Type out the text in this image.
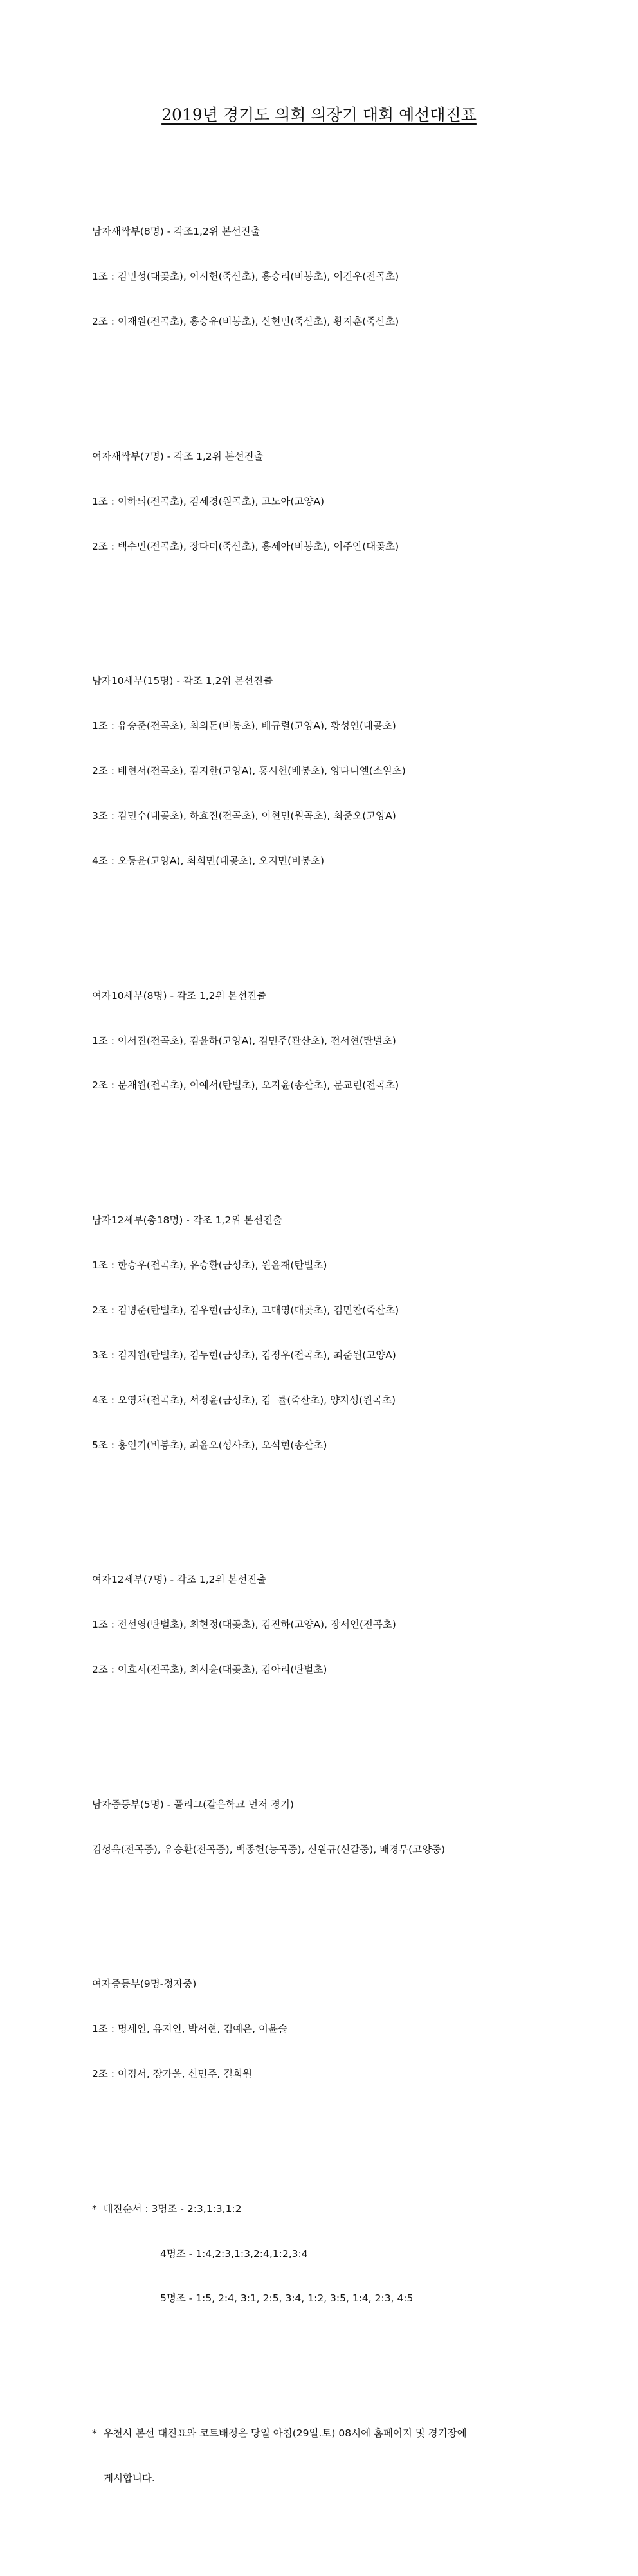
2019년 경기도 의회 의장기 대회 예선대진표

남자새싹부(8명) - 각조1,2위 본선진출

1조 : 김민성(대곶초), 이시헌(죽산초), 홍승리(비봉초), 이건우(전곡초)

2조 : 이재원(전곡초), 홍승유(비봉초), 신현민(죽산초), 황지훈(죽산초)

여자새싹부(7명) - 각조 1,2위 본선진출

1조 : 이하늬(전곡초), 김세경(원곡초), 고노아(고양A)

2조 : 백수민(전곡초), 장다미(죽산초), 홍세아(비봉초), 이주안(대곶초)

남자10세부(15명) - 각조 1,2위 본선진출

1조 : 유승준(전곡초), 최의돈(비봉초), 배규렬(고양A), 황성연(대곶초)

2조 : 배현서(전곡초), 김지한(고양A), 홍시헌(배봉초), 양다니엘(소일초)

3조 : 김민수(대곶초), 하효진(전곡초), 이현민(원곡초), 최준오(고양A)

4조 : 오동윤(고양A), 최희민(대곶초), 오지민(비봉초)

여자10세부(8명) - 각조 1,2위 본선진출

1조 : 이서진(전곡초), 김윤하(고양A), 김민주(관산초), 전서현(탄벌초)

2조 : 문채원(전곡초), 이예서(탄벌초), 오지윤(송산초), 문교린(전곡초)

남자12세부(총18명) - 각조 1,2위 본선진출

1조 : 한승우(전곡초), 유승환(금성초), 원윤재(탄벌초)

2조 : 김병준(탄벌초), 김우현(금성초), 고대영(대곶초), 김민찬(죽산초)

3조 : 김지원(탄벌초), 김두현(금성초), 김정우(전곡초), 최준원(고양A)

4조 : 오영채(전곡초), 서정윤(금성초), 김  률(죽산초), 양지성(원곡초)

5조 : 홍인기(비봉초), 최윤오(성사초), 오석현(송산초)

여자12세부(7명) - 각조 1,2위 본선진출

1조 : 전선영(탄벌초), 최현정(대곶초), 김진하(고양A), 장서인(전곡초)

2조 : 이효서(전곡초), 최서윤(대곶초), 김아리(탄벌초)

남자중등부(5명) - 풀리그(같은학교 먼저 경기)

김성욱(전곡중), 유승환(전곡중), 백종헌(능곡중), 신원규(신갈중), 배경무(고양중)

여자중등부(9명-정자중)

1조 : 명세인, 유지인, 박서현, 김예은, 이윤슬

2조 : 이경서, 장가을, 신민주, 길희원

*  대진순서 : 3명조 - 2:3,1:3,1:2

4명조 - 1:4,2:3,1:3,2:4,1:2,3:4

5명조 - 1:5, 2:4, 3:1, 2:5, 3:4, 1:2, 3:5, 1:4, 2:3, 4:5

*  우천시 본선 대진표와 코트배정은 당일 아침(29일.토) 08시에 홈페이지 및 경기장에

게시합니다.
